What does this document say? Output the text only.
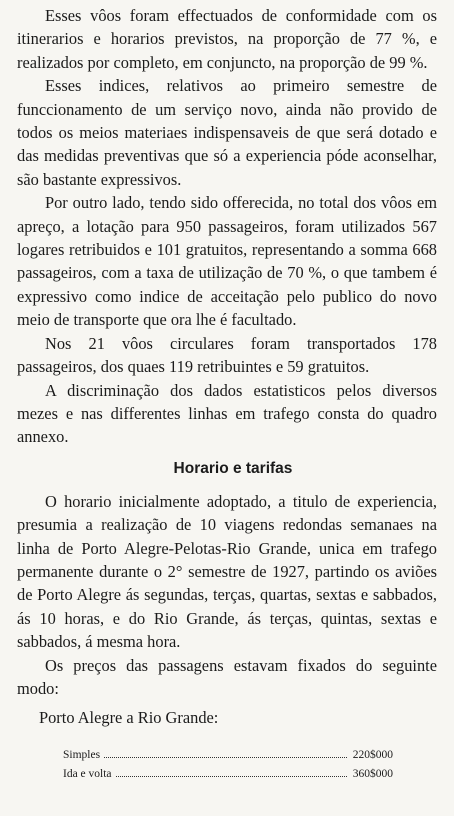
Esses vôos foram effectuados de conformidade com os itinerarios e horarios previstos, na proporção de 77 %, e realizados por completo, em conjuncto, na proporção de 99 %.

Esses indices, relativos ao primeiro semestre de funccionamento de um serviço novo, ainda não provido de todos os meios materiaes indispensaveis de que será dotado e das medidas preventivas que só a experiencia póde aconselhar, são bastante expressivos.

Por outro lado, tendo sido offerecida, no total dos vôos em apreço, a lotação para 950 passageiros, foram utilizados 567 logares retribuidos e 101 gratuitos, representando a somma 668 passageiros, com a taxa de utilização de 70 %, o que tambem é expressivo como indice de acceitação pelo publico do novo meio de transporte que ora lhe é facultado.

Nos 21 vôos circulares foram transportados 178 passageiros, dos quaes 119 retribuintes e 59 gratuitos.

A discriminação dos dados estatisticos pelos diversos mezes e nas differentes linhas em trafego consta do quadro annexo.

Horario e tarifas

O horario inicialmente adoptado, a titulo de experiencia, presumia a realização de 10 viagens redondas semanaes na linha de Porto Alegre-Pelotas-Rio Grande, unica em trafego permanente durante o 2° semestre de 1927, partindo os aviões de Porto Alegre ás segundas, terças, quartas, sextas e sabbados, ás 10 horas, e do Rio Grande, ás terças, quintas, sextas e sabbados, á mesma hora.

Os preços das passagens estavam fixados do seguinte modo:

Porto Alegre a Rio Grande:
Simples	220$000
Ida e volta	360$000
